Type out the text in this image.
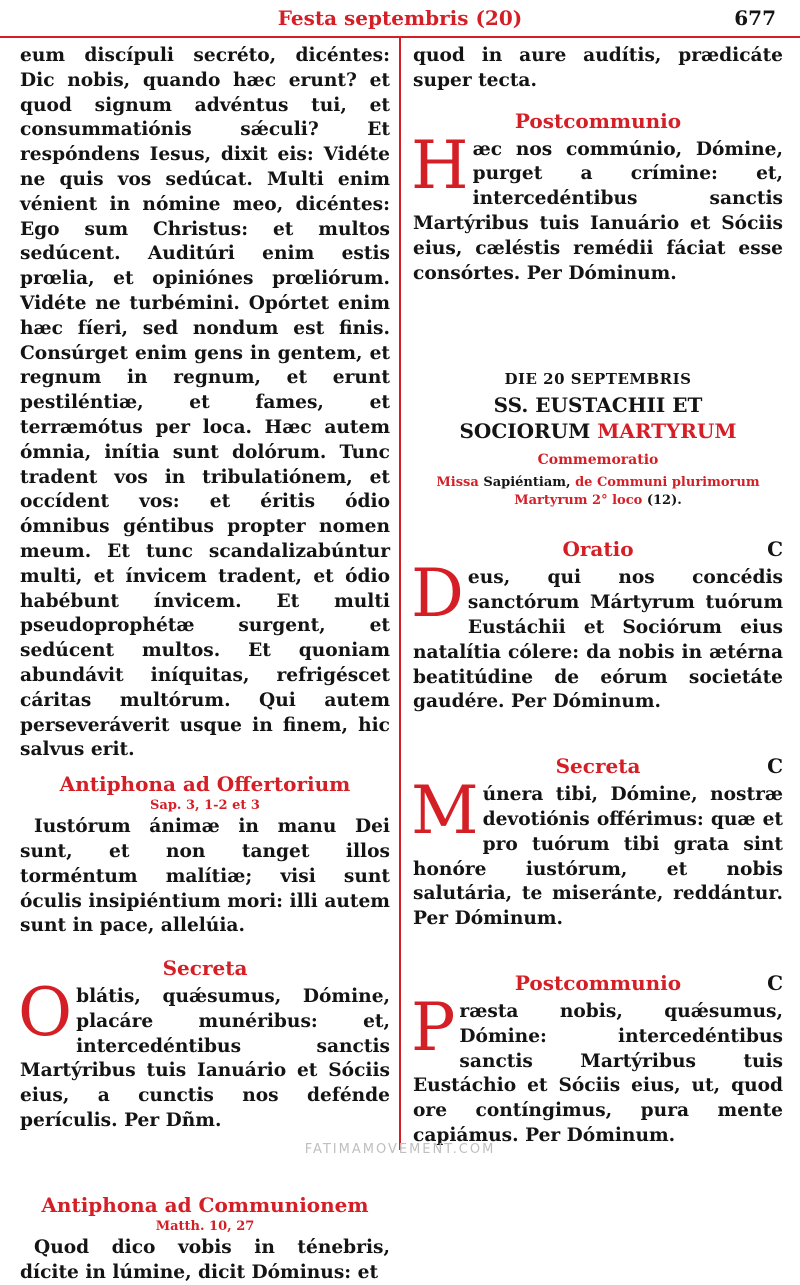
Festa septembris (20)	677

eum discípuli secréto, dicéntes: Dic nobis, quando hæc erunt? et quod signum advéntus tui, et consummatiónis sǽculi? Et respóndens Iesus, dixit eis: Vidéte ne quis vos sedúcat. Multi enim vénient in nómine meo, dicéntes: Ego sum Christus: et multos sedúcent. Auditúri enim estis prœlia, et opiniónes prœliórum. Vidéte ne turbémini. Opórtet enim hæc fíeri, sed nondum est finis. Consúrget enim gens in gentem, et regnum in regnum, et erunt pestiléntiæ, et fames, et terræmótus per loca. Hæc autem ómnia, inítia sunt dolórum. Tunc tradent vos in tribulatiónem, et occídent vos: et éritis ódio ómnibus géntibus propter nomen meum. Et tunc scandalizabúntur multi, et ínvicem tradent, et ódio habébunt ínvicem. Et multi pseudoprophétæ surgent, et sedúcent multos. Et quoniam abundávit iníquitas, refrigéscet cáritas multórum. Qui autem perseveráverit usque in finem, hic salvus erit.

Antiphona ad Offertorium

Sap. 3, 1-2 et 3

Iustórum ánimæ in manu Dei sunt, et non tanget illos torméntum malítiæ; visi sunt óculis insipiéntium mori: illi autem sunt in pace, allelúia.

Secreta

Oblátis, quǽsumus, Dómine, placáre munéribus: et, intercedéntibus sanctis Martýribus tuis Ianuário et Sóciis eius, a cunctis nos defénde perículis. Per Dñm.

Antiphona ad Communionem

Matth. 10, 27

Quod dico vobis in ténebris, dícite in lúmine, dicit Dóminus: et

quod in aure audítis, prædicáte super tecta.

Postcommunio

Hæc nos commúnio, Dómine, purget a crímine: et, intercedéntibus sanctis Martýribus tuis Ianuário et Sóciis eius, cæléstis remédii fáciat esse consórtes. Per Dóminum.

DIE 20 SEPTEMBRIS

SS. EUSTACHII ET

SOCIORUM MARTYRUM

Commemoratio

Missa Sapiéntiam, de Communi plurimorum Martyrum 2° loco (12).

Oratio	C

Deus, qui nos concédis sanctórum Mártyrum tuórum Eustáchii et Sociórum eius natalítia cólere: da nobis in ætérna beatitúdine de eórum societáte gaudére. Per Dóminum.

Secreta	C

Múnera tibi, Dómine, nostræ devotiónis offérimus: quæ et pro tuórum tibi grata sint honóre iustórum, et nobis salutária, te miseránte, reddántur. Per Dóminum.

Postcommunio	C

Præsta nobis, quǽsumus, Dómine: intercedéntibus sanctis Martýribus tuis Eustáchio et Sóciis eius, ut, quod ore contíngimus, pura mente capiámus. Per Dóminum.

FATIMAMOVEMENT.COM
